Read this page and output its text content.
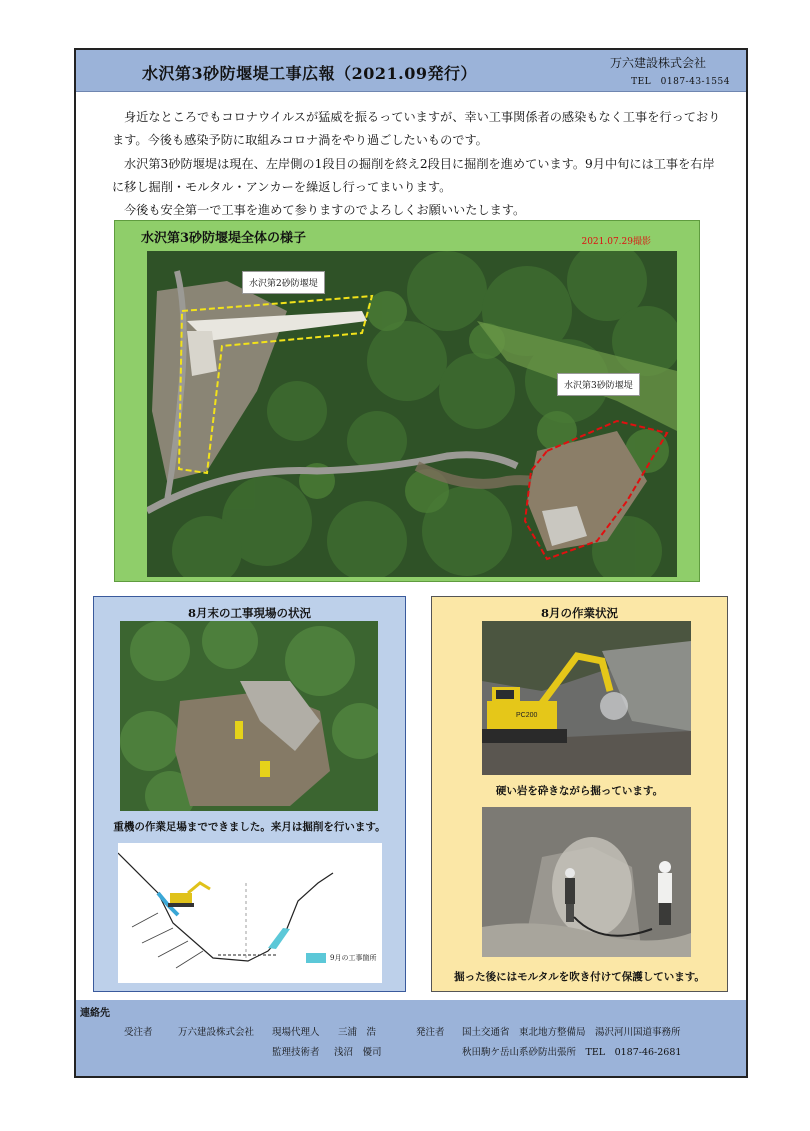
水沢第3砂防堰堤工事広報（2021.09発行）
万六建設株式会社
TEL　0187-43-1554

身近なところでもコロナウイルスが猛威を振るっていますが、幸い工事関係者の感染もなく工事を行っております。今後も感染予防に取組みコロナ渦をやり過ごしたいものです。

水沢第3砂防堰堤は現在、左岸側の1段目の掘削を終え2段目に掘削を進めています。9月中旬には工事を右岸に移し掘削・モルタル・アンカーを繰返し行ってまいります。

今後も安全第一で工事を進めて参りますのでよろしくお願いいたします。

水沢第3砂防堰堤全体の様子	2021.07.29撮影
水沢第2砂防堰堤
水沢第3砂防堰堤
8月末の工事現場の状況
重機の作業足場までできました。来月は掘削を行います。
9月の工事箇所
8月の作業状況
PC200
硬い岩を砕きながら掘っています。
掘った後にはモルタルを吹き付けて保護しています。
連絡先
受注者	万六建設株式会社 現場代理人 三浦　浩
監理技術者 浅沼　優司
発注者 国土交通省　東北地方整備局　湯沢河川国道事務所
秋田駒ケ岳山系砂防出張所　TEL　0187-46-2681
